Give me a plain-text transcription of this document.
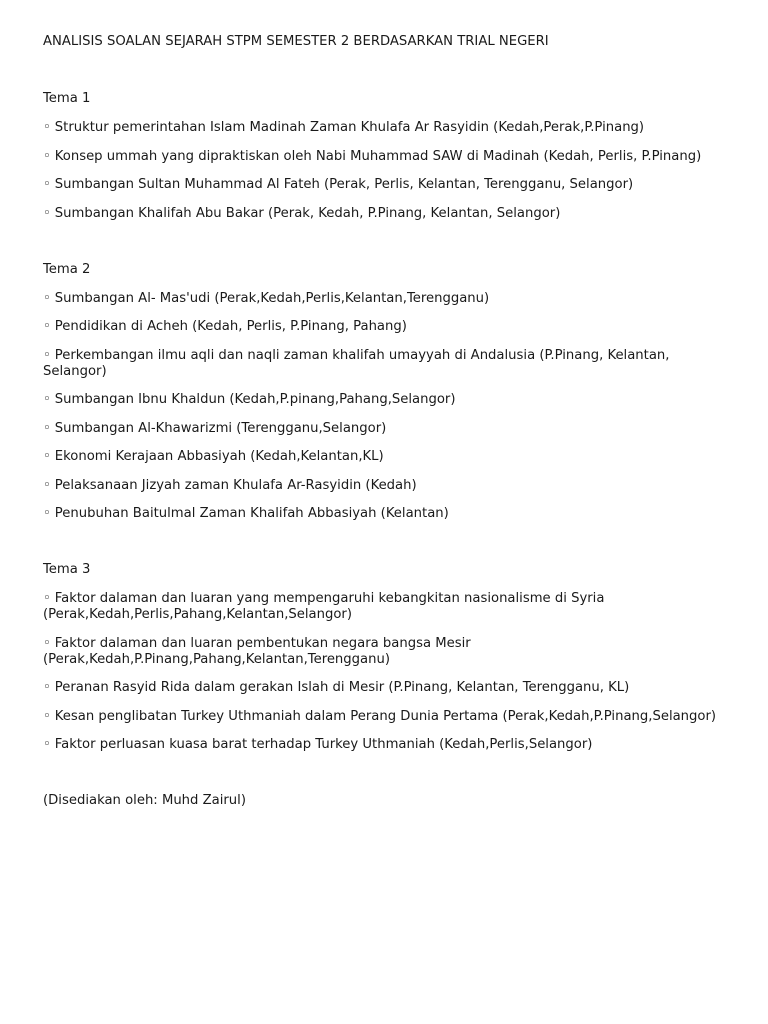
ANALISIS SOALAN SEJARAH STPM SEMESTER 2 BERDASARKAN TRIAL NEGERI

Tema 1

◦ Struktur pemerintahan Islam Madinah Zaman Khulafa Ar Rasyidin (Kedah,Perak,P.Pinang)
◦ Konsep ummah yang dipraktiskan oleh Nabi Muhammad SAW di Madinah (Kedah, Perlis, P.Pinang)
◦ Sumbangan Sultan Muhammad Al Fateh (Perak, Perlis, Kelantan, Terengganu, Selangor)
◦ Sumbangan Khalifah Abu Bakar (Perak, Kedah, P.Pinang, Kelantan, Selangor)

Tema 2

◦ Sumbangan Al- Mas'udi (Perak,Kedah,Perlis,Kelantan,Terengganu)
◦ Pendidikan di Acheh (Kedah, Perlis, P.Pinang, Pahang)
◦ Perkembangan ilmu aqli dan naqli zaman khalifah umayyah di Andalusia (P.Pinang, Kelantan, Selangor)
◦ Sumbangan Ibnu Khaldun (Kedah,P.pinang,Pahang,Selangor)
◦ Sumbangan Al-Khawarizmi (Terengganu,Selangor)
◦ Ekonomi Kerajaan Abbasiyah (Kedah,Kelantan,KL)
◦ Pelaksanaan Jizyah zaman Khulafa Ar-Rasyidin (Kedah)
◦ Penubuhan Baitulmal Zaman Khalifah Abbasiyah (Kelantan)

Tema 3

◦ Faktor dalaman dan luaran yang mempengaruhi kebangkitan nasionalisme di Syria (Perak,Kedah,Perlis,Pahang,Kelantan,Selangor)
◦ Faktor dalaman dan luaran pembentukan negara bangsa Mesir (Perak,Kedah,P.Pinang,Pahang,Kelantan,Terengganu)
◦ Peranan Rasyid Rida dalam gerakan Islah di Mesir (P.Pinang, Kelantan, Terengganu, KL)
◦ Kesan penglibatan Turkey Uthmaniah dalam Perang Dunia Pertama (Perak,Kedah,P.Pinang,Selangor)
◦ Faktor perluasan kuasa barat terhadap Turkey Uthmaniah (Kedah,Perlis,Selangor)

(Disediakan oleh: Muhd Zairul)
